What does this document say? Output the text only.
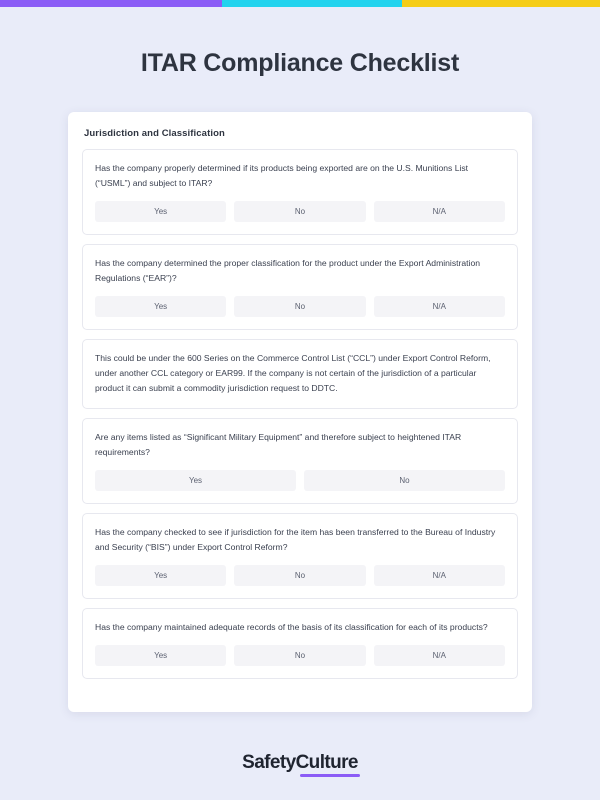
ITAR Compliance Checklist
Jurisdiction and Classification
Has the company properly determined if its products being exported are on the U.S. Munitions List (“USML”) and subject to ITAR?
Yes	No	N/A
Has the company determined the proper classification for the product under the Export Administration Regulations (“EAR”)?
Yes	No	N/A
This could be under the 600 Series on the Commerce Control List (“CCL”) under Export Control Reform, under another CCL category or EAR99. If the company is not certain of the jurisdiction of a particular product it can submit a commodity jurisdiction request to DDTC.
Are any items listed as “Significant Military Equipment” and therefore subject to heightened ITAR requirements?
Yes	No
Has the company checked to see if jurisdiction for the item has been transferred to the Bureau of Industry and Security (“BIS”) under Export Control Reform?
Yes	No	N/A
Has the company maintained adequate records of the basis of its classification for each of its products?
Yes	No	N/A
SafetyCulture
